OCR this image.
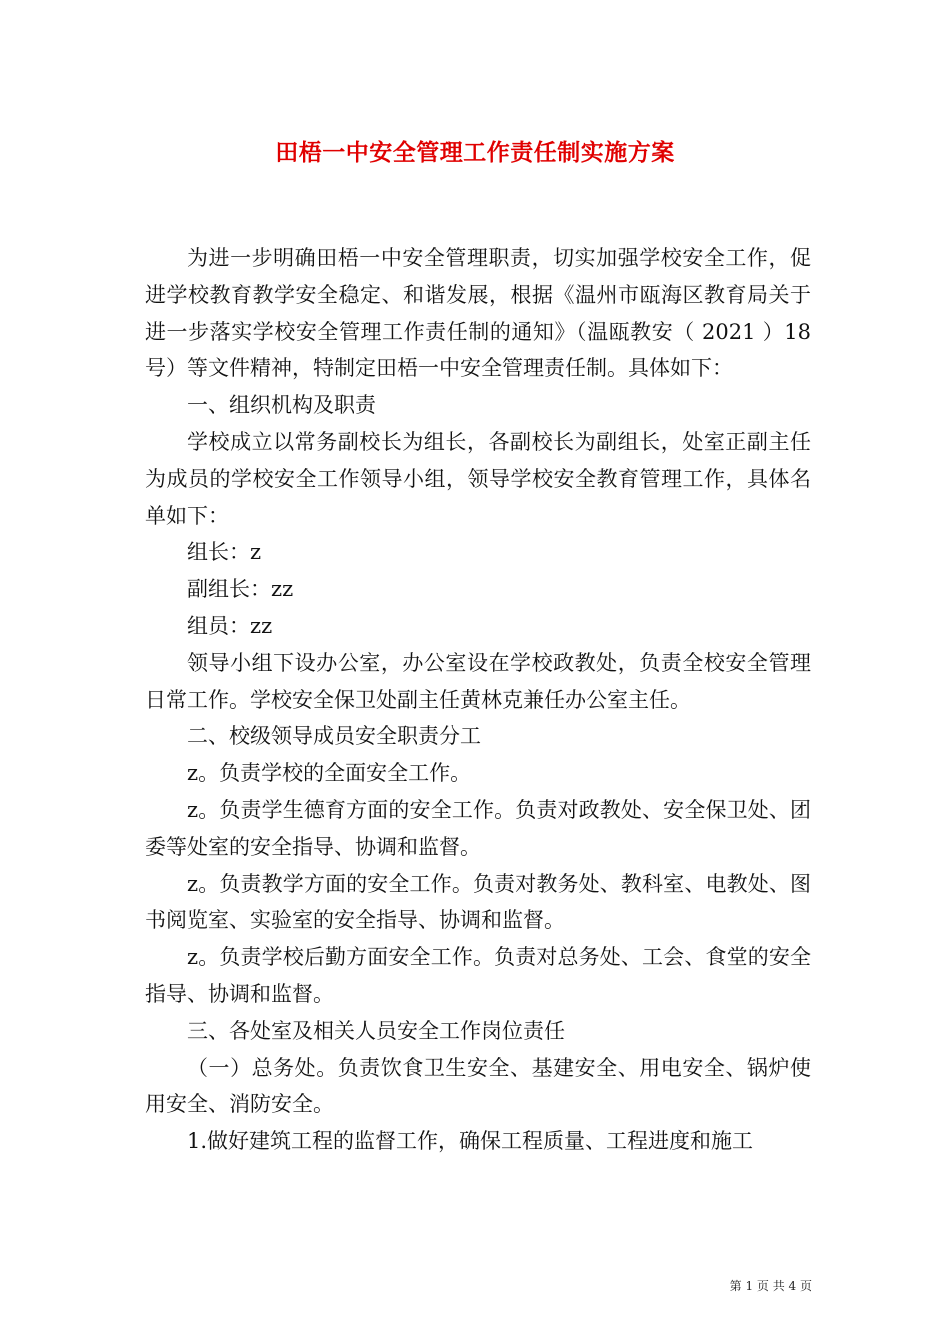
田梧一中安全管理工作责任制实施方案

为进一步明确田梧一中安全管理职责，切实加强学校安全工作，促进学校教育教学安全稳定、和谐发展，根据《温州市瓯海区教育局关于进一步落实学校安全管理工作责任制的通知》（温瓯教安（ 2021 ）18号）等文件精神，特制定田梧一中安全管理责任制。具体如下：

一、组织机构及职责

学校成立以常务副校长为组长，各副校长为副组长，处室正副主任为成员的学校安全工作领导小组，领导学校安全教育管理工作，具体名单如下：

组长：z

副组长：zz

组员：zz

领导小组下设办公室，办公室设在学校政教处，负责全校安全管理日常工作。学校安全保卫处副主任黄林克兼任办公室主任。

二、校级领导成员安全职责分工

z。负责学校的全面安全工作。

z。负责学生德育方面的安全工作。负责对政教处、安全保卫处、团委等处室的安全指导、协调和监督。

z。负责教学方面的安全工作。负责对教务处、教科室、电教处、图书阅览室、实验室的安全指导、协调和监督。

z。负责学校后勤方面安全工作。负责对总务处、工会、食堂的安全指导、协调和监督。

三、各处室及相关人员安全工作岗位责任

（一）总务处。负责饮食卫生安全、基建安全、用电安全、锅炉使用安全、消防安全。

1.做好建筑工程的监督工作，确保工程质量、工程进度和施工

第 1 页 共 4 页
